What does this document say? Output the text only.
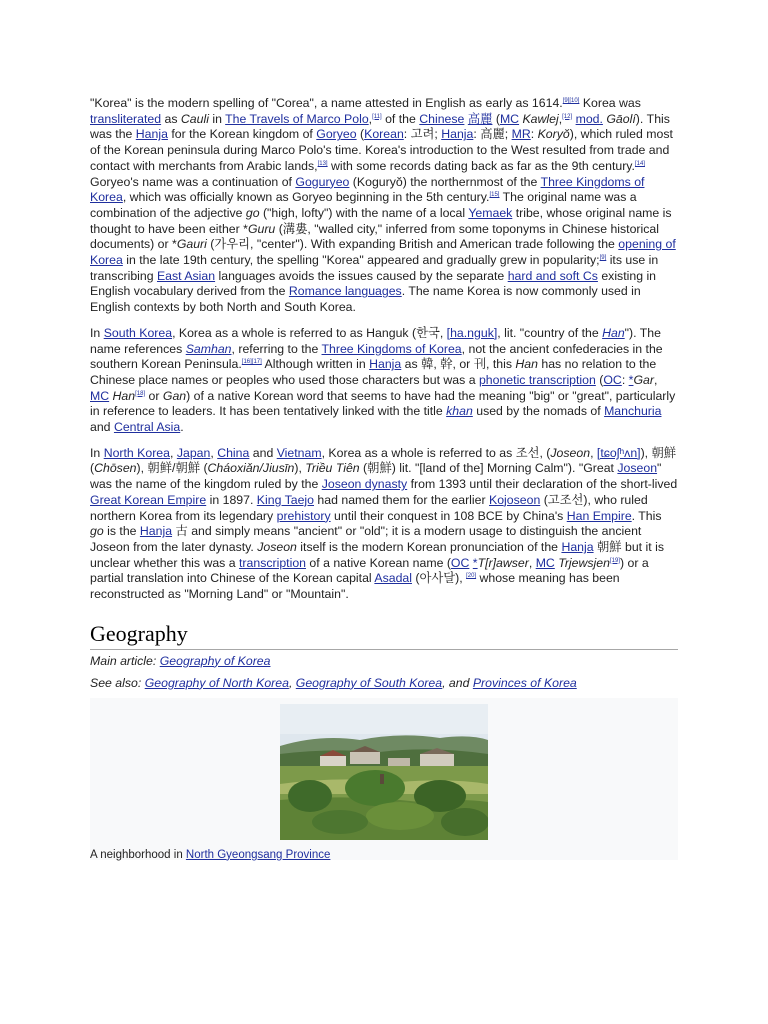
"Korea" is the modern spelling of "Corea", a name attested in English as early as 1614.[9][10] Korea was transliterated as Cauli in The Travels of Marco Polo,[11] of the Chinese 高麗 (MC Kawlej,[12] mod. Gāolí). This was the Hanja for the Korean kingdom of Goryeo (Korean: 고려; Hanja: 高麗; MR: Koryŏ), which ruled most of the Korean peninsula during Marco Polo's time. Korea's introduction to the West resulted from trade and contact with merchants from Arabic lands,[13] with some records dating back as far as the 9th century.[14] Goryeo's name was a continuation of Goguryeo (Koguryŏ) the northernmost of the Three Kingdoms of Korea, which was officially known as Goryeo beginning in the 5th century.[15] The original name was a combination of the adjective go ("high, lofty") with the name of a local Yemaek tribe, whose original name is thought to have been either *Guru (溝婁, "walled city," inferred from some toponyms in Chinese historical documents) or *Gauri (가우리, "center"). With expanding British and American trade following the opening of Korea in the late 19th century, the spelling "Korea" appeared and gradually grew in popularity;[9] its use in transcribing East Asian languages avoids the issues caused by the separate hard and soft Cs existing in English vocabulary derived from the Romance languages. The name Korea is now commonly used in English contexts by both North and South Korea.

In South Korea, Korea as a whole is referred to as Hanguk (한국, [ha.nɡuk], lit. "country of the Han"). The name references Samhan, referring to the Three Kingdoms of Korea, not the ancient confederacies in the southern Korean Peninsula.[16][17] Although written in Hanja as 韓, 幹, or 刊, this Han has no relation to the Chinese place names or peoples who used those characters but was a phonetic transcription (OC: *Gar, MC Han[18] or Gan) of a native Korean word that seems to have had the meaning "big" or "great", particularly in reference to leaders. It has been tentatively linked with the title khan used by the nomads of Manchuria and Central Asia.

In North Korea, Japan, China and Vietnam, Korea as a whole is referred to as 조선, (Joseon, [tɕoʃʰʌn]), 朝鮮 (Chōsen), 朝鲜/朝鮮 (Cháoxiǎn/Jiusīn), Triều Tiên (朝鮮) lit. "[land of the] Morning Calm"). "Great Joseon" was the name of the kingdom ruled by the Joseon dynasty from 1393 until their declaration of the short-lived Great Korean Empire in 1897. King Taejo had named them for the earlier Kojoseon (고조선), who ruled northern Korea from its legendary prehistory until their conquest in 108 BCE by China's Han Empire. This go is the Hanja 古 and simply means "ancient" or "old"; it is a modern usage to distinguish the ancient Joseon from the later dynasty. Joseon itself is the modern Korean pronunciation of the Hanja 朝鮮 but it is unclear whether this was a transcription of a native Korean name (OC *T[r]awser, MC Trjewsjen[19]) or a partial translation into Chinese of the Korean capital Asadal (아사달), [20] whose meaning has been reconstructed as "Morning Land" or "Mountain".

Geography
Main article: Geography of Korea
See also: Geography of North Korea, Geography of South Korea, and Provinces of Korea
A neighborhood in North Gyeongsang Province
